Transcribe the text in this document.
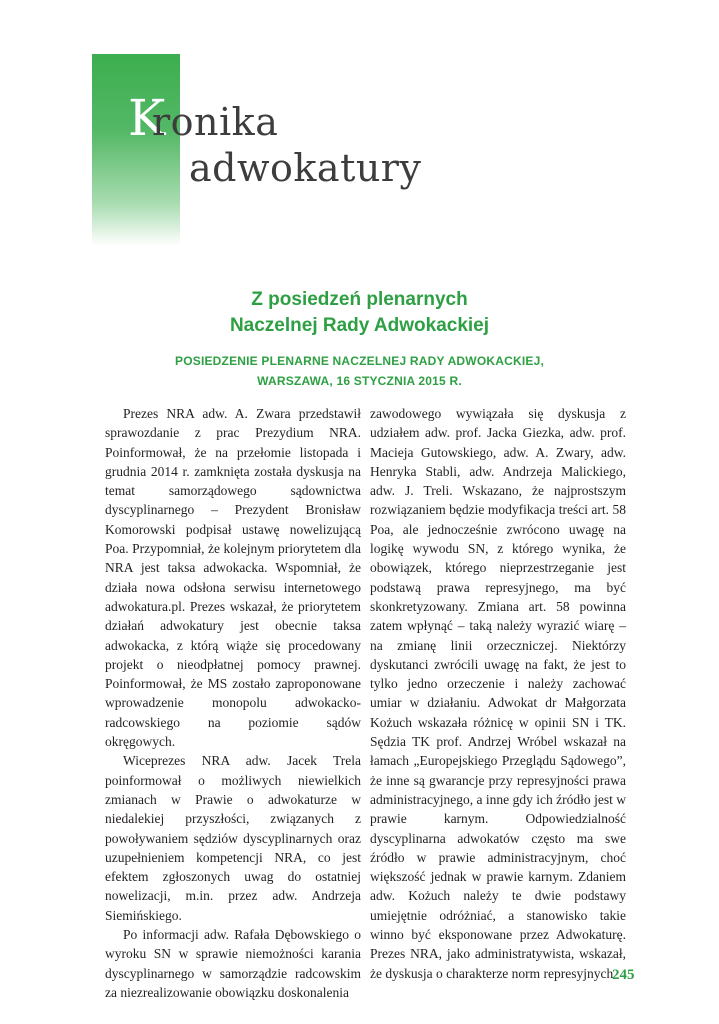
Kronika
adwokatury
Z posiedzeń plenarnych
Naczelnej Rady Adwokackiej
POSIEDZENIE PLENARNE NACZELNEJ RADY ADWOKACKIEJ,
WARSZAWA, 16 STYCZNIA 2015 R.

Prezes NRA adw. A. Zwara przedstawił sprawozdanie z prac Prezydium NRA. Poinformował, że na przełomie listopada i grudnia 2014 r. zamknięta została dyskusja na temat samorządowego sądownictwa dyscyplinarnego – Prezydent Bronisław Komorowski podpisał ustawę nowelizującą Poa. Przypomniał, że kolejnym priorytetem dla NRA jest taksa adwokacka. Wspomniał, że działa nowa odsłona serwisu internetowego adwokatura.pl. Prezes wskazał, że priorytetem działań adwokatury jest obecnie taksa adwokacka, z którą wiąże się procedowany projekt o nieodpłatnej pomocy prawnej. Poinformował, że MS zostało zaproponowane wprowadzenie monopolu adwokacko-radcowskiego na poziomie sądów okręgowych.

Wiceprezes NRA adw. Jacek Trela poinformował o możliwych niewielkich zmianach w Prawie o adwokaturze w niedalekiej przyszłości, związanych z powoływaniem sędziów dyscyplinarnych oraz uzupełnieniem kompetencji NRA, co jest efektem zgłoszonych uwag do ostatniej nowelizacji, m.in. przez adw. Andrzeja Siemińskiego.

Po informacji adw. Rafała Dębowskiego o wyroku SN w sprawie niemożności karania dyscyplinarnego w samorządzie radcowskim za niezrealizowanie obowiązku doskonalenia

zawodowego wywiązała się dyskusja z udziałem adw. prof. Jacka Giezka, adw. prof. Macieja Gutowskiego, adw. A. Zwary, adw. Henryka Stabli, adw. Andrzeja Malickiego, adw. J. Treli. Wskazano, że najprostszym rozwiązaniem będzie modyfikacja treści art. 58 Poa, ale jednocześnie zwrócono uwagę na logikę wywodu SN, z którego wynika, że obowiązek, którego nieprzestrzeganie jest podstawą prawa represyjnego, ma być skonkretyzowany. Zmiana art. 58 powinna zatem wpłynąć – taką należy wyrazić wiarę – na zmianę linii orzeczniczej. Niektórzy dyskutanci zwrócili uwagę na fakt, że jest to tylko jedno orzeczenie i należy zachować umiar w działaniu. Adwokat dr Małgorzata Kożuch wskazała różnicę w opinii SN i TK. Sędzia TK prof. Andrzej Wróbel wskazał na łamach „Europejskiego Przeglądu Sądowego”, że inne są gwarancje przy represyjności prawa administracyjnego, a inne gdy ich źródło jest w prawie karnym. Odpowiedzialność dyscyplinarna adwokatów często ma swe źródło w prawie administracyjnym, choć większość jednak w prawie karnym. Zdaniem adw. Kożuch należy te dwie podstawy umiejętnie odróżniać, a stanowisko takie winno być eksponowane przez Adwokaturę. Prezes NRA, jako administratywista, wskazał, że dyskusja o charakterze norm represyjnych

245
